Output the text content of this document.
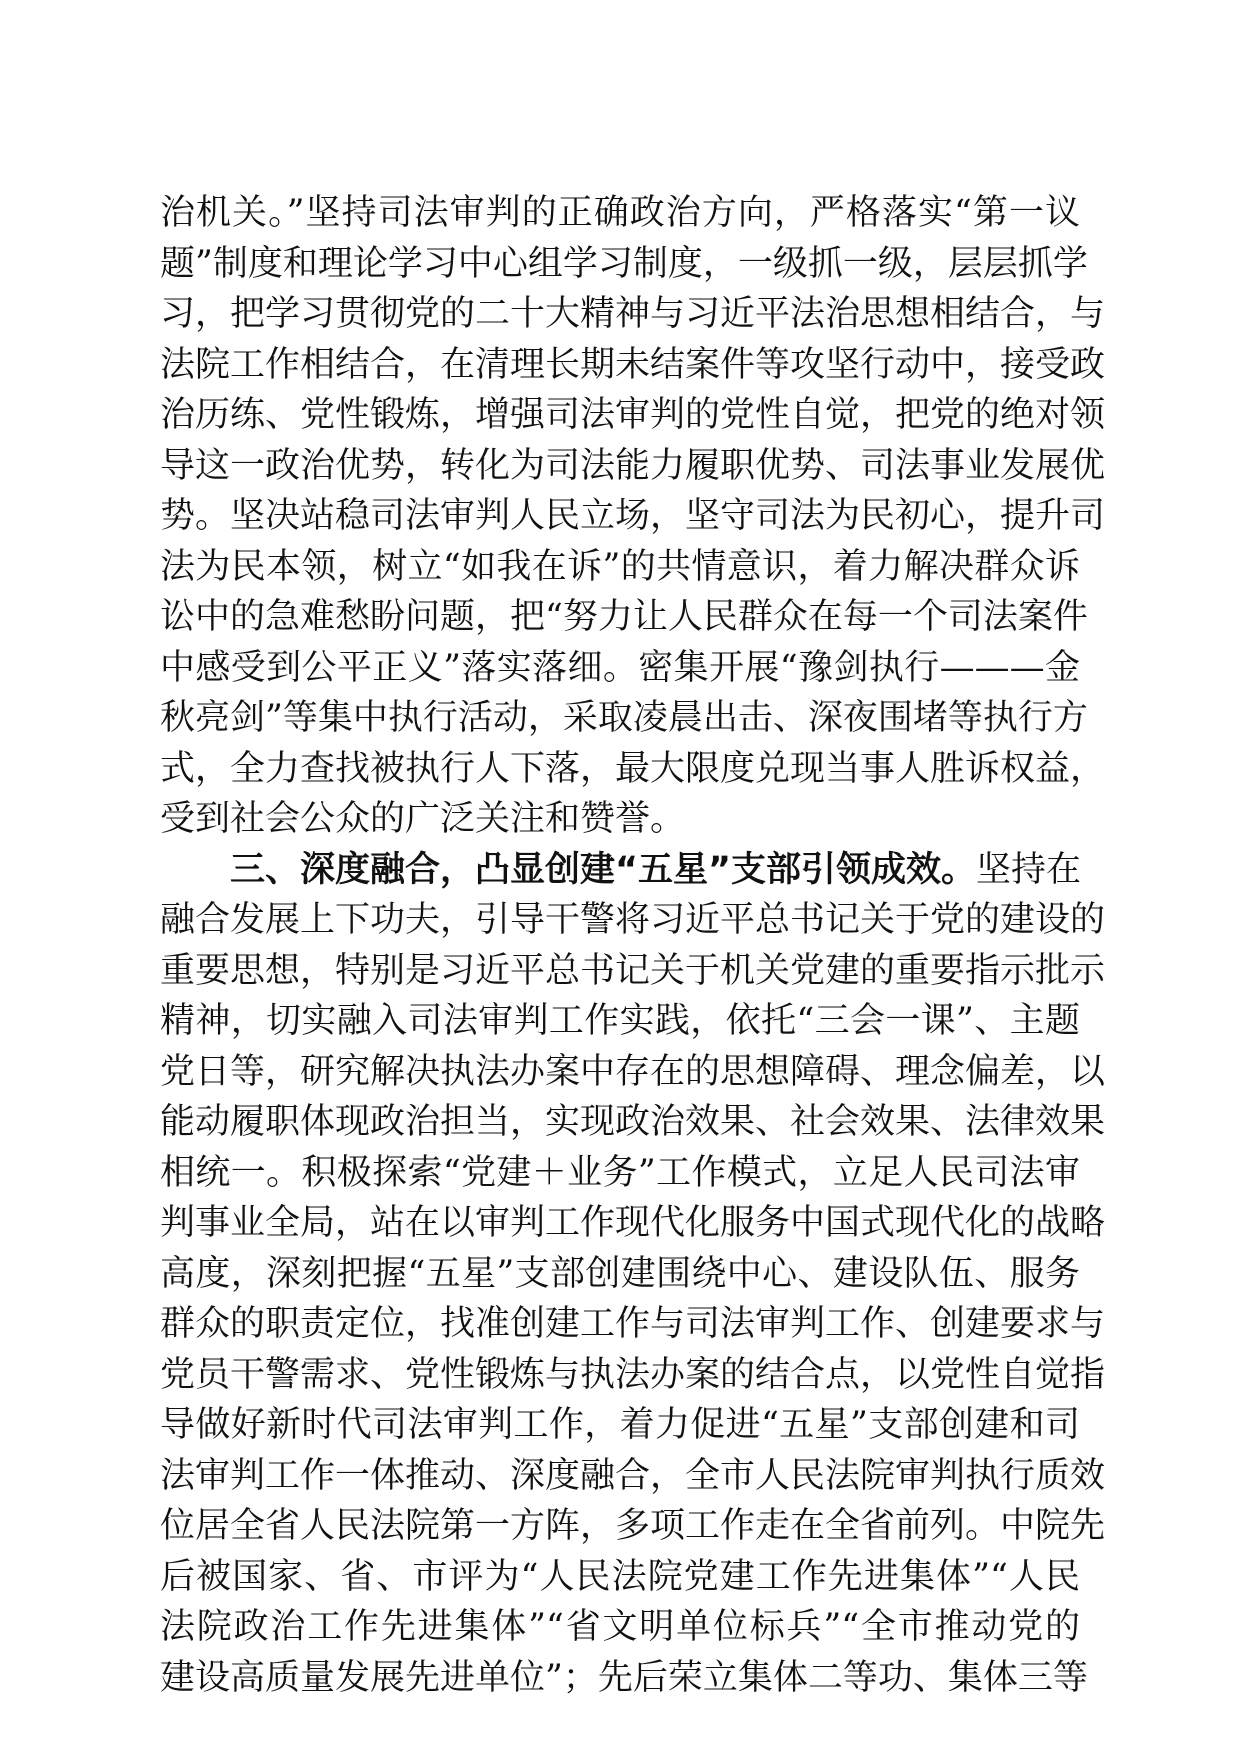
治机关。”坚持司法审判的正确政治方向，严格落实“第一议
题”制度和理论学习中心组学习制度，一级抓一级，层层抓学
习，把学习贯彻党的二十大精神与习近平法治思想相结合，与
法院工作相结合，在清理长期未结案件等攻坚行动中，接受政
治历练、党性锻炼，增强司法审判的党性自觉，把党的绝对领
导这一政治优势，转化为司法能力履职优势、司法事业发展优
势。坚决站稳司法审判人民立场，坚守司法为民初心，提升司
法为民本领，树立“如我在诉”的共情意识，着力解决群众诉
讼中的急难愁盼问题，把“努力让人民群众在每一个司法案件
中感受到公平正义”落实落细。密集开展“豫剑执行———金
秋亮剑”等集中执行活动，采取凌晨出击、深夜围堵等执行方
式，全力查找被执行人下落，最大限度兑现当事人胜诉权益，
受到社会公众的广泛关注和赞誉。
三、深度融合，凸显创建“五星”支部引领成效。坚持在
融合发展上下功夫，引导干警将习近平总书记关于党的建设的
重要思想，特别是习近平总书记关于机关党建的重要指示批示
精神，切实融入司法审判工作实践，依托“三会一课”、主题
党日等，研究解决执法办案中存在的思想障碍、理念偏差，以
能动履职体现政治担当，实现政治效果、社会效果、法律效果
相统一。积极探索“党建＋业务”工作模式，立足人民司法审
判事业全局，站在以审判工作现代化服务中国式现代化的战略
高度，深刻把握“五星”支部创建围绕中心、建设队伍、服务
群众的职责定位，找准创建工作与司法审判工作、创建要求与
党员干警需求、党性锻炼与执法办案的结合点，以党性自觉指
导做好新时代司法审判工作，着力促进“五星”支部创建和司
法审判工作一体推动、深度融合，全市人民法院审判执行质效
位居全省人民法院第一方阵，多项工作走在全省前列。中院先
后被国家、省、市评为“人民法院党建工作先进集体”“人民
法院政治工作先进集体”“省文明单位标兵”“全市推动党的
建设高质量发展先进单位”；先后荣立集体二等功、集体三等
